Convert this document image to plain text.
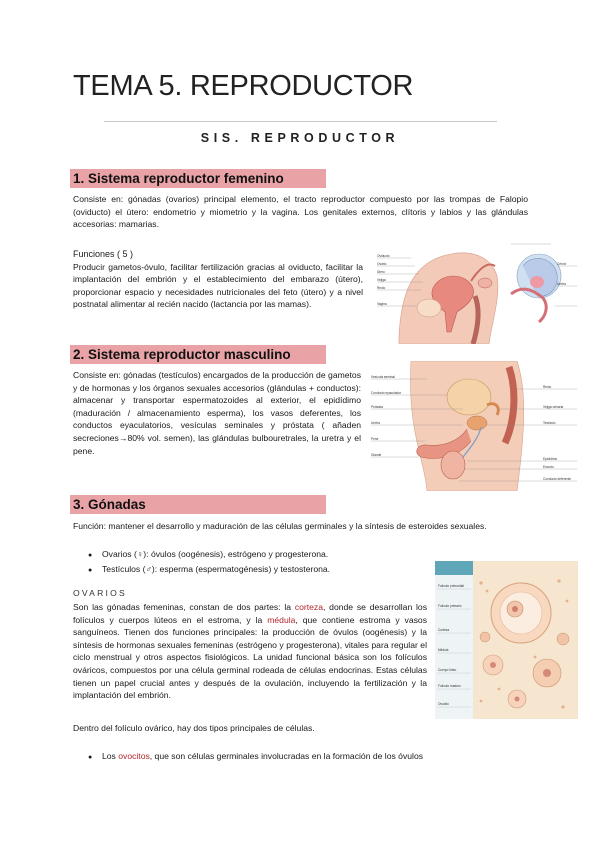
TEMA 5. REPRODUCTOR
SIS. REPRODUCTOR
1. Sistema reproductor femenino
Consiste en: gónadas (ovarios) principal elemento, el tracto reproductor compuesto por las trompas de Falopio (oviducto) el útero: endometrio y miometrio y la vagina. Los genitales externos, clítoris y labios y las glándulas accesorias: mamarias.

Funciones ( 5 )

Producir gametos-óvulo, facilitar fertilización gracias al oviducto, facilitar la implantación del embrión y el establecimiento del embarazo (útero), proporcionar espacio y necesidades nutricionales del feto (útero) y a nivel postnatal alimentar al recién nacido (lactancia por las mamas).

Oviducto
Ovario
Útero
Vejiga
Recto
Vagina
Cérvix
Uretra
2. Sistema reproductor masculino
Consiste en: gónadas (testículos) encargados de la producción de gametos y de hormonas y los órganos sexuales accesorios (glándulas + conductos): almacenar y transportar espermatozoides al exterior, el epidídimo (maduración / almacenamiento esperma), los vasos deferentes, los conductos eyaculatorios, vesículas seminales y próstata ( añaden secreciones→80% vol. semen), las glándulas bulbouretrales, la uretra y el pene.
Vesícula seminal
Conducto eyaculador
Próstata
Uretra
Pene
Glande
Recto
Vejiga urinaria
Testículo
Epidídimo
Escroto
Conducto deferente
3. Gónadas
Función: mantener el desarrollo y maduración de las células germinales y la síntesis de esteroides sexuales.
● Ovarios (♀): óvulos (oogénesis), estrógeno y progesterona.
● Testículos (♂): esperma (espermatogénesis) y testosterona.
OVARIOS
Son las gónadas femeninas, constan de dos partes: la corteza, donde se desarrollan los folículos y cuerpos lúteos en el estroma, y la médula, que contiene estroma y vasos sanguíneos. Tienen dos funciones principales: la producción de óvulos (oogénesis) y la síntesis de hormonas sexuales femeninas (estrógeno y progesterona), vitales para regular el ciclo menstrual y otros aspectos fisiológicos. La unidad funcional básica son los folículos ováricos, compuestos por una célula germinal rodeada de células endocrinas. Estas células tienen un papel crucial antes y después de la ovulación, incluyendo la fertilización y la implantación del embrión.
Dentro del folículo ovárico, hay dos tipos principales de células.
● Los ovocitos, que son células germinales involucradas en la formación de los óvulos
Folículo primordial
Folículo primario
Corteza
Médula
Cuerpo lúteo
Folículo maduro
Ovocito
